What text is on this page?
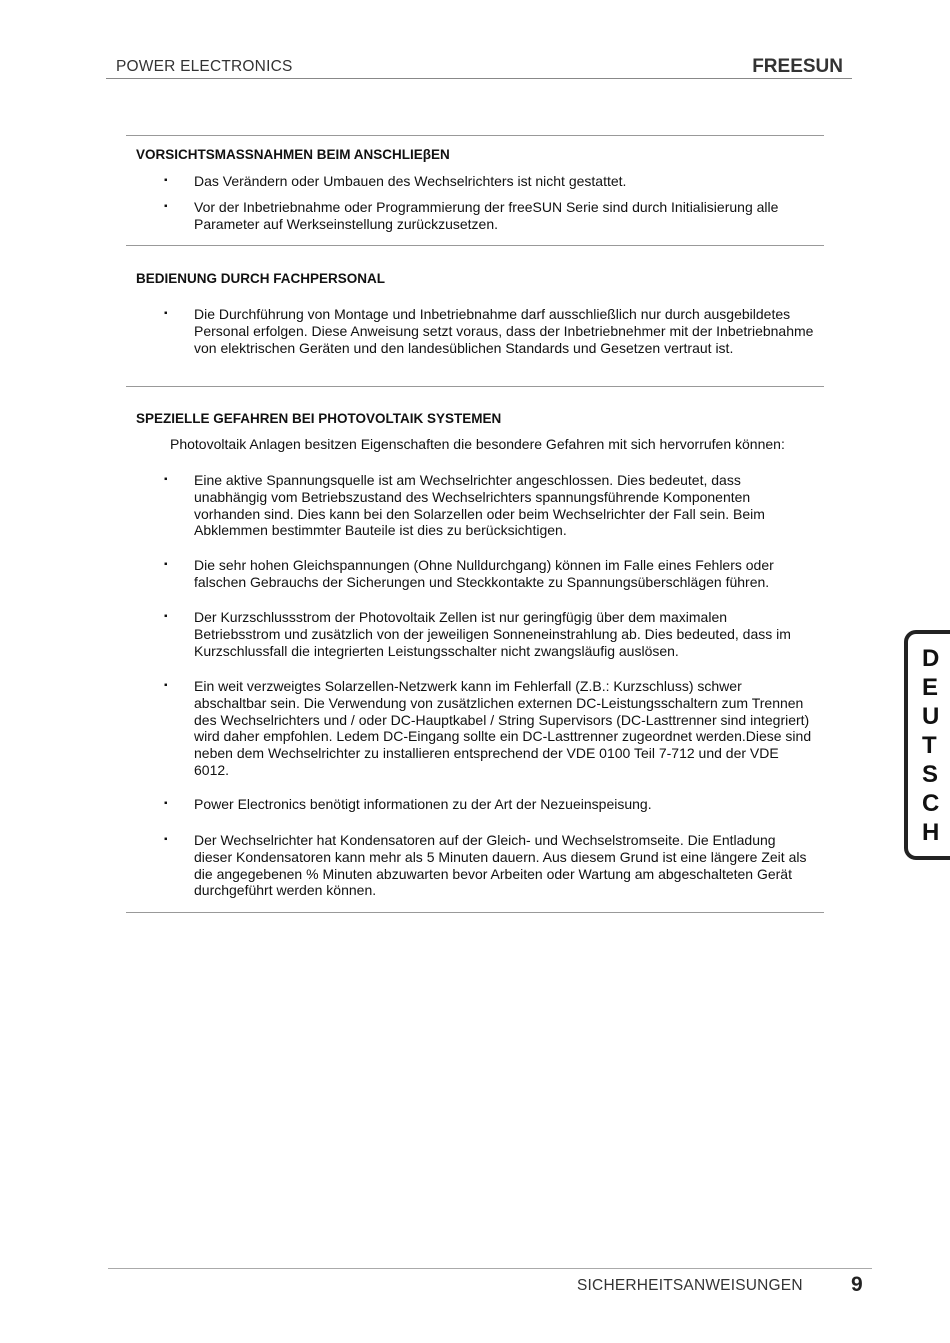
POWER ELECTRONICS	FREESUN
VORSICHTSMASSNAHMEN BEIM ANSCHLIEβEN
▪ Das Verändern oder Umbauen des Wechselrichters ist nicht gestattet.
▪ Vor der Inbetriebnahme oder Programmierung der freeSUN Serie sind durch Initialisierung alle Parameter auf Werkseinstellung zurückzusetzen.
BEDIENUNG DURCH FACHPERSONAL
▪ Die Durchführung von Montage und Inbetriebnahme darf ausschließlich nur durch ausgebildetes Personal erfolgen. Diese Anweisung setzt voraus, dass der Inbetriebnehmer mit der Inbetriebnahme von elektrischen Geräten und den landesüblichen Standards und Gesetzen vertraut ist.
SPEZIELLE GEFAHREN BEI PHOTOVOLTAIK SYSTEMEN
Photovoltaik Anlagen besitzen Eigenschaften die besondere Gefahren mit sich hervorrufen können:
▪ Eine aktive Spannungsquelle ist am Wechselrichter angeschlossen. Dies bedeutet, dass unabhängig vom Betriebszustand des Wechselrichters spannungsführende Komponenten vorhanden sind. Dies kann bei den Solarzellen oder beim Wechselrichter der Fall sein. Beim Abklemmen bestimmter Bauteile ist dies zu berücksichtigen.
▪ Die sehr hohen Gleichspannungen (Ohne Nulldurchgang) können im Falle eines Fehlers oder falschen Gebrauchs der Sicherungen und Steckkontakte zu Spannungsüberschlägen führen.
▪ Der Kurzschlussstrom der Photovoltaik Zellen ist nur geringfügig über dem maximalen Betriebsstrom und zusätzlich von der jeweiligen Sonneneinstrahlung ab. Dies bedeuted, dass im Kurzschlussfall die integrierten Leistungsschalter nicht zwangsläufig auslösen.
▪ Ein weit verzweigtes Solarzellen-Netzwerk kann im Fehlerfall (Z.B.: Kurzschluss) schwer abschaltbar sein. Die Verwendung von zusätzlichen externen DC-Leistungsschaltern zum Trennen des Wechselrichters und / oder DC-Hauptkabel / String Supervisors (DC-Lasttrenner sind integriert) wird daher empfohlen. Ledem DC-Eingang sollte ein DC-Lasttrenner zugeordnet werden.Diese sind neben dem Wechselrichter zu installieren entsprechend der VDE 0100 Teil 7-712 und der VDE 6012.
▪ Power Electronics benötigt informationen zu der Art der Nezueinspeisung.
▪ Der Wechselrichter hat Kondensatoren auf der Gleich- und Wechselstromseite. Die Entladung dieser Kondensatoren kann mehr als 5 Minuten dauern. Aus diesem Grund ist eine längere Zeit als die angegebenen % Minuten abzuwarten bevor Arbeiten oder Wartung am abgeschalteten Gerät durchgeführt werden können.
D
E
U
T
S
C
H
SICHERHEITSANWEISUNGEN 9
